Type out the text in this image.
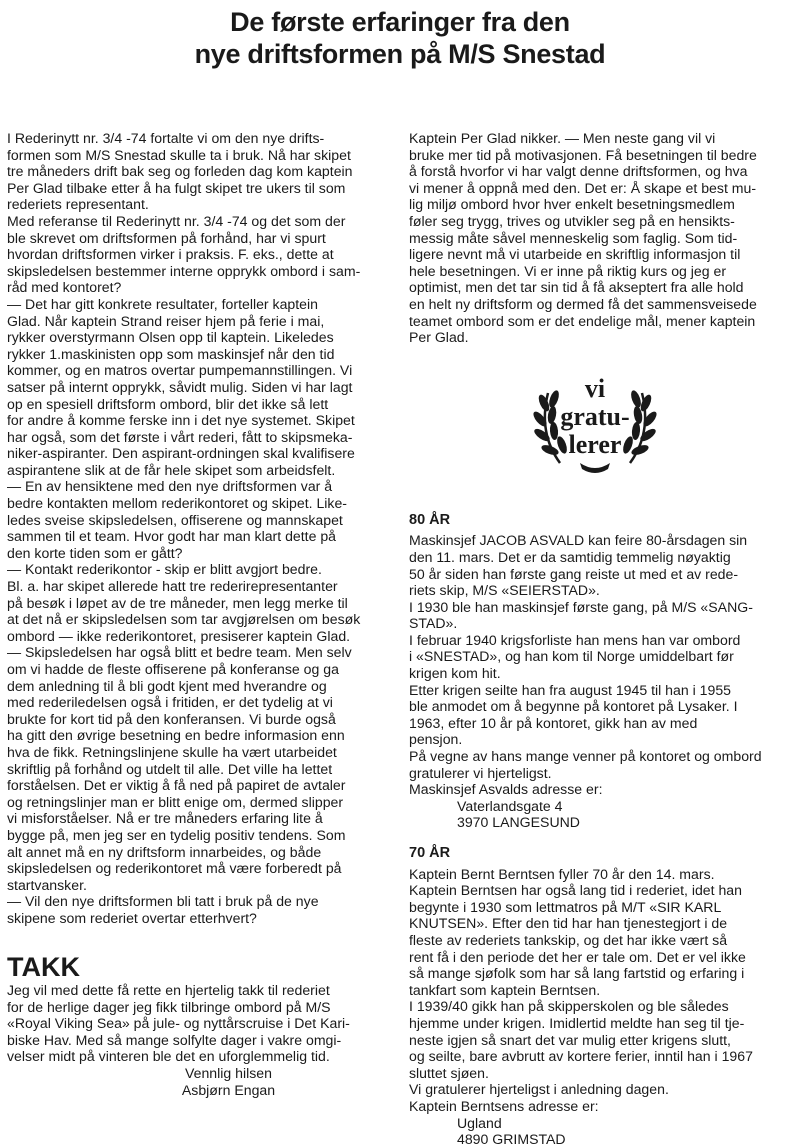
De første erfaringer fra den
nye driftsformen på M/S Snestad
I Rederinytt nr. 3/4 -74 fortalte vi om den nye drifts-
formen som M/S Snestad skulle ta i bruk. Nå har skipet
tre måneders drift bak seg og forleden dag kom kaptein
Per Glad tilbake etter å ha fulgt skipet tre ukers til som
rederiets representant.
Med referanse til Rederinytt nr. 3/4 -74 og det som der
ble skrevet om driftsformen på forhånd, har vi spurt
hvordan driftsformen virker i praksis. F. eks., dette at
skipsledelsen bestemmer interne opprykk ombord i sam-
råd med kontoret?
— Det har gitt konkrete resultater, forteller kaptein
Glad. Når kaptein Strand reiser hjem på ferie i mai,
rykker overstyrmann Olsen opp til kaptein. Likeledes
rykker 1.maskinisten opp som maskinsjef når den tid
kommer, og en matros overtar pumpemannstillingen. Vi
satser på internt opprykk, såvidt mulig. Siden vi har lagt
op en spesiell driftsform ombord, blir det ikke så lett
for andre å komme ferske inn i det nye systemet. Skipet
har også, som det første i vårt rederi, fått to skipsmeka-
niker-aspiranter. Den aspirant-ordningen skal kvalifisere
aspirantene slik at de får hele skipet som arbeidsfelt.
— En av hensiktene med den nye driftsformen var å
bedre kontakten mellom rederikontoret og skipet. Like-
ledes sveise skipsledelsen, offiserene og mannskapet
sammen til et team. Hvor godt har man klart dette på
den korte tiden som er gått?
— Kontakt rederikontor - skip er blitt avgjort bedre.
Bl. a. har skipet allerede hatt tre rederirepresentanter
på besøk i løpet av de tre måneder, men legg merke til
at det nå er skipsledelsen som tar avgjørelsen om besøk
ombord — ikke rederikontoret, presiserer kaptein Glad.
— Skipsledelsen har også blitt et bedre team. Men selv
om vi hadde de fleste offiserene på konferanse og ga
dem anledning til å bli godt kjent med hverandre og
med rederiledelsen også i fritiden, er det tydelig at vi
brukte for kort tid på den konferansen. Vi burde også
ha gitt den øvrige besetning en bedre informasion enn
hva de fikk. Retningslinjene skulle ha vært utarbeidet
skriftlig på forhånd og utdelt til alle. Det ville ha lettet
forståelsen. Det er viktig å få ned på papiret de avtaler
og retningslinjer man er blitt enige om, dermed slipper
vi misforståelser. Nå er tre måneders erfaring lite å
bygge på, men jeg ser en tydelig positiv tendens. Som
alt annet må en ny driftsform innarbeides, og både
skipsledelsen og rederikontoret må være forberedt på
startvansker.
— Vil den nye driftsformen bli tatt i bruk på de nye
skipene som rederiet overtar etterhvert?
TAKK
Jeg vil med dette få rette en hjertelig takk til rederiet
for de herlige dager jeg fikk tilbringe ombord på M/S
«Royal Viking Sea» på jule- og nyttårscruise i Det Kari-
biske Hav. Med så mange solfylte dager i vakre omgi-
velser midt på vinteren ble det en uforglemmelig tid.
Vennlig hilsen
Asbjørn Engan
Kaptein Per Glad nikker. — Men neste gang vil vi
bruke mer tid på motivasjonen. Få besetningen til bedre
å forstå hvorfor vi har valgt denne driftsformen, og hva
vi mener å oppnå med den. Det er: Å skape et best mu-
lig miljø ombord hvor hver enkelt besetningsmedlem
føler seg trygg, trives og utvikler seg på en hensikts-
messig måte såvel menneskelig som faglig. Som tid-
ligere nevnt må vi utarbeide en skriftlig informasjon til
hele besetningen. Vi er inne på riktig kurs og jeg er
optimist, men det tar sin tid å få akseptert fra alle hold
en helt ny driftsform og dermed få det sammensveisede
teamet ombord som er det endelige mål, mener kaptein
Per Glad.
80 ÅR
Maskinsjef JACOB ASVALD kan feire 80-årsdagen sin
den 11. mars. Det er da samtidig temmelig nøyaktig
50 år siden han første gang reiste ut med et av rede-
riets skip, M/S «SEIERSTAD».
I 1930 ble han maskinsjef første gang, på M/S «SANG-
STAD».
I februar 1940 krigsforliste han mens han var ombord
i «SNESTAD», og han kom til Norge umiddelbart før
krigen kom hit.
Etter krigen seilte han fra august 1945 til han i 1955
ble anmodet om å begynne på kontoret på Lysaker. I
1963, efter 10 år på kontoret, gikk han av med
pensjon.
På vegne av hans mange venner på kontoret og ombord
gratulerer vi hjerteligst.
Maskinsjef Asvalds adresse er:
Vaterlandsgate 4
3970 LANGESUND
70 ÅR
Kaptein Bernt Berntsen fyller 70 år den 14. mars.
Kaptein Berntsen har også lang tid i rederiet, idet han
begynte i 1930 som lettmatros på M/T «SIR KARL
KNUTSEN». Efter den tid har han tjenestegjort i de
fleste av rederiets tankskip, og det har ikke vært så
rent få i den periode det her er tale om. Det er vel ikke
så mange sjøfolk som har så lang fartstid og erfaring i
tankfart som kaptein Berntsen.
I 1939/40 gikk han på skipperskolen og ble således
hjemme under krigen. Imidlertid meldte han seg til tje-
neste igjen så snart det var mulig etter krigens slutt,
og seilte, bare avbrutt av kortere ferier, inntil han i 1967
sluttet sjøen.
Vi gratulerer hjerteligst i anledning dagen.
Kaptein Berntsens adresse er:
Ugland
4890 GRIMSTAD
vi
gratu-
lerer
